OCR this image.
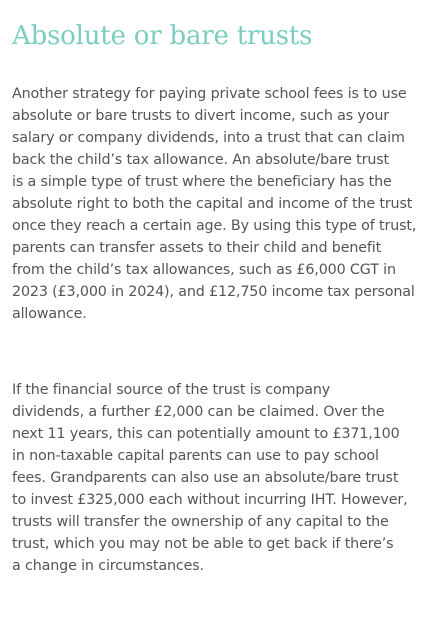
Absolute or bare trusts
Another strategy for paying private school fees is to use
absolute or bare trusts to divert income, such as your
salary or company dividends, into a trust that can claim
back the child’s tax allowance. An absolute/bare trust
is a simple type of trust where the beneficiary has the
absolute right to both the capital and income of the trust
once they reach a certain age. By using this type of trust,
parents can transfer assets to their child and benefit
from the child’s tax allowances, such as £6,000 CGT in
2023 (£3,000 in 2024), and £12,750 income tax personal
allowance.
If the financial source of the trust is company
dividends, a further £2,000 can be claimed. Over the
next 11 years, this can potentially amount to £371,100
in non-taxable capital parents can use to pay school
fees. Grandparents can also use an absolute/bare trust
to invest £325,000 each without incurring IHT. However,
trusts will transfer the ownership of any capital to the
trust, which you may not be able to get back if there’s
a change in circumstances.
